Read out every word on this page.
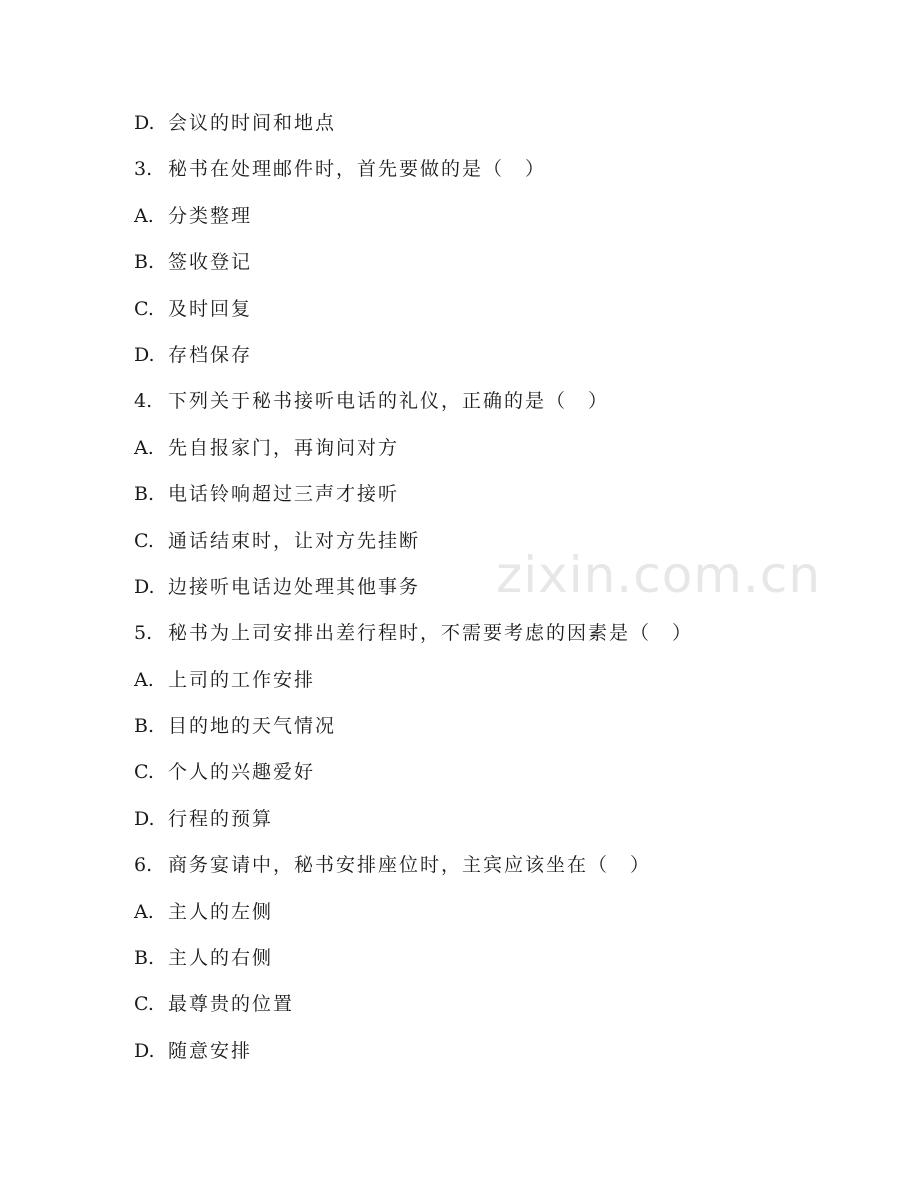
D. 会议的时间和地点
3. 秘书在处理邮件时，首先要做的是（　）
A. 分类整理
B. 签收登记
C. 及时回复
D. 存档保存
4. 下列关于秘书接听电话的礼仪，正确的是（　）
A. 先自报家门，再询问对方
B. 电话铃响超过三声才接听
C. 通话结束时，让对方先挂断
D. 边接听电话边处理其他事务
5. 秘书为上司安排出差行程时，不需要考虑的因素是（　）
A. 上司的工作安排
B. 目的地的天气情况
C. 个人的兴趣爱好
D. 行程的预算
6. 商务宴请中，秘书安排座位时，主宾应该坐在（　）
A. 主人的左侧
B. 主人的右侧
C. 最尊贵的位置
D. 随意安排
zixin.com.cn
